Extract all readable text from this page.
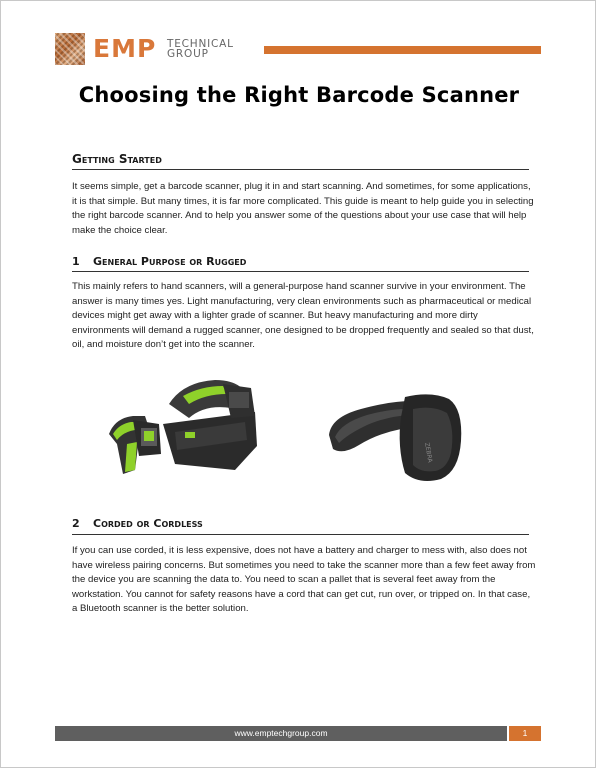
EMP TECHNICAL
GROUP
Choosing the Right Barcode Scanner
Getting Started

It seems simple, get a barcode scanner, plug it in and start scanning. And sometimes, for some applications, it is that simple. But many times, it is far more complicated. This guide is meant to help guide you in selecting the right barcode scanner. And to help you answer some of the questions about your use case that will help make the choice clear.

1 General Purpose or Rugged

This mainly refers to hand scanners, will a general-purpose hand scanner survive in your environment. The answer is many times yes. Light manufacturing, very clean environments such as pharmaceutical or medical devices might get away with a lighter grade of scanner. But heavy manufacturing and more dirty environments will demand a rugged scanner, one designed to be dropped frequently and sealed so that dust, oil, and moisture don’t get into the scanner.

ZEBRA
2 Corded or Cordless

If you can use corded, it is less expensive, does not have a battery and charger to mess with, also does not have wireless pairing concerns. But sometimes you need to take the scanner more than a few feet away from the device you are scanning the data to. You need to scan a pallet that is several feet away from the workstation. You cannot for safety reasons have a cord that can get cut, run over, or tripped on. In that case, a Bluetooth scanner is the better solution.

www.emptechgroup.com	1
